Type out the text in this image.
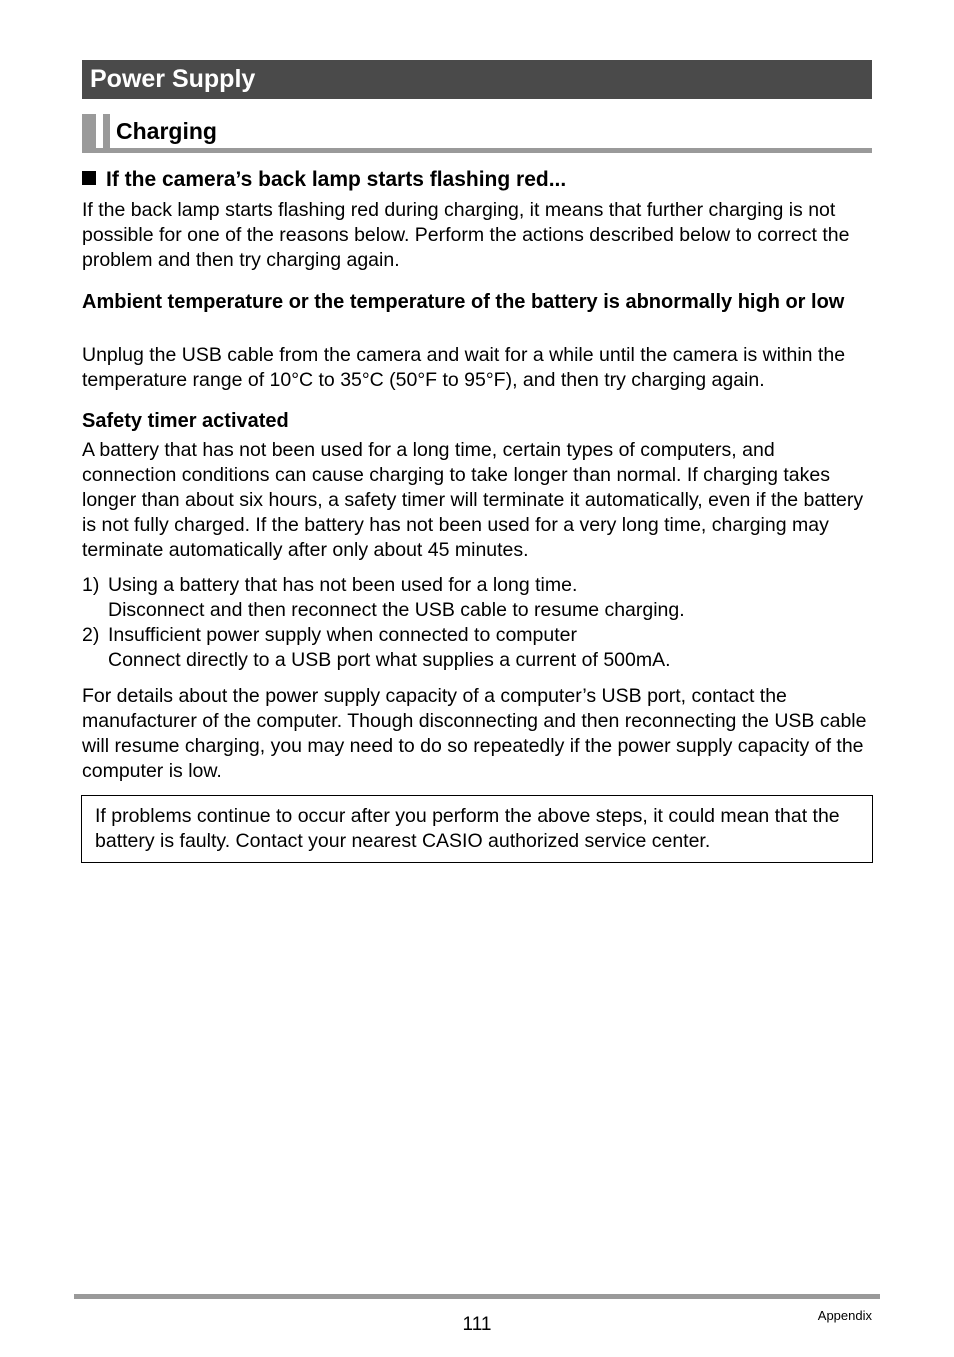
Power Supply
Charging
If the camera’s back lamp starts flashing red...

If the back lamp starts flashing red during charging, it means that further charging is not possible for one of the reasons below. Perform the actions described below to correct the problem and then try charging again.

Ambient temperature or the temperature of the battery is abnormally high or low

Unplug the USB cable from the camera and wait for a while until the camera is within the temperature range of 10°C to 35°C (50°F to 95°F), and then try charging again.

Safety timer activated

A battery that has not been used for a long time, certain types of computers, and connection conditions can cause charging to take longer than normal. If charging takes longer than about six hours, a safety timer will terminate it automatically, even if the battery is not fully charged. If the battery has not been used for a very long time, charging may terminate automatically after only about 45 minutes.

1) Using a battery that has not been used for a long time.
Disconnect and then reconnect the USB cable to resume charging.
2) Insufficient power supply when connected to computer
Connect directly to a USB port what supplies a current of 500mA.

For details about the power supply capacity of a computer’s USB port, contact the manufacturer of the computer. Though disconnecting and then reconnecting the USB cable will resume charging, you may need to do so repeatedly if the power supply capacity of the computer is low.

If problems continue to occur after you perform the above steps, it could mean that the battery is faulty. Contact your nearest CASIO authorized service center.
111	Appendix
